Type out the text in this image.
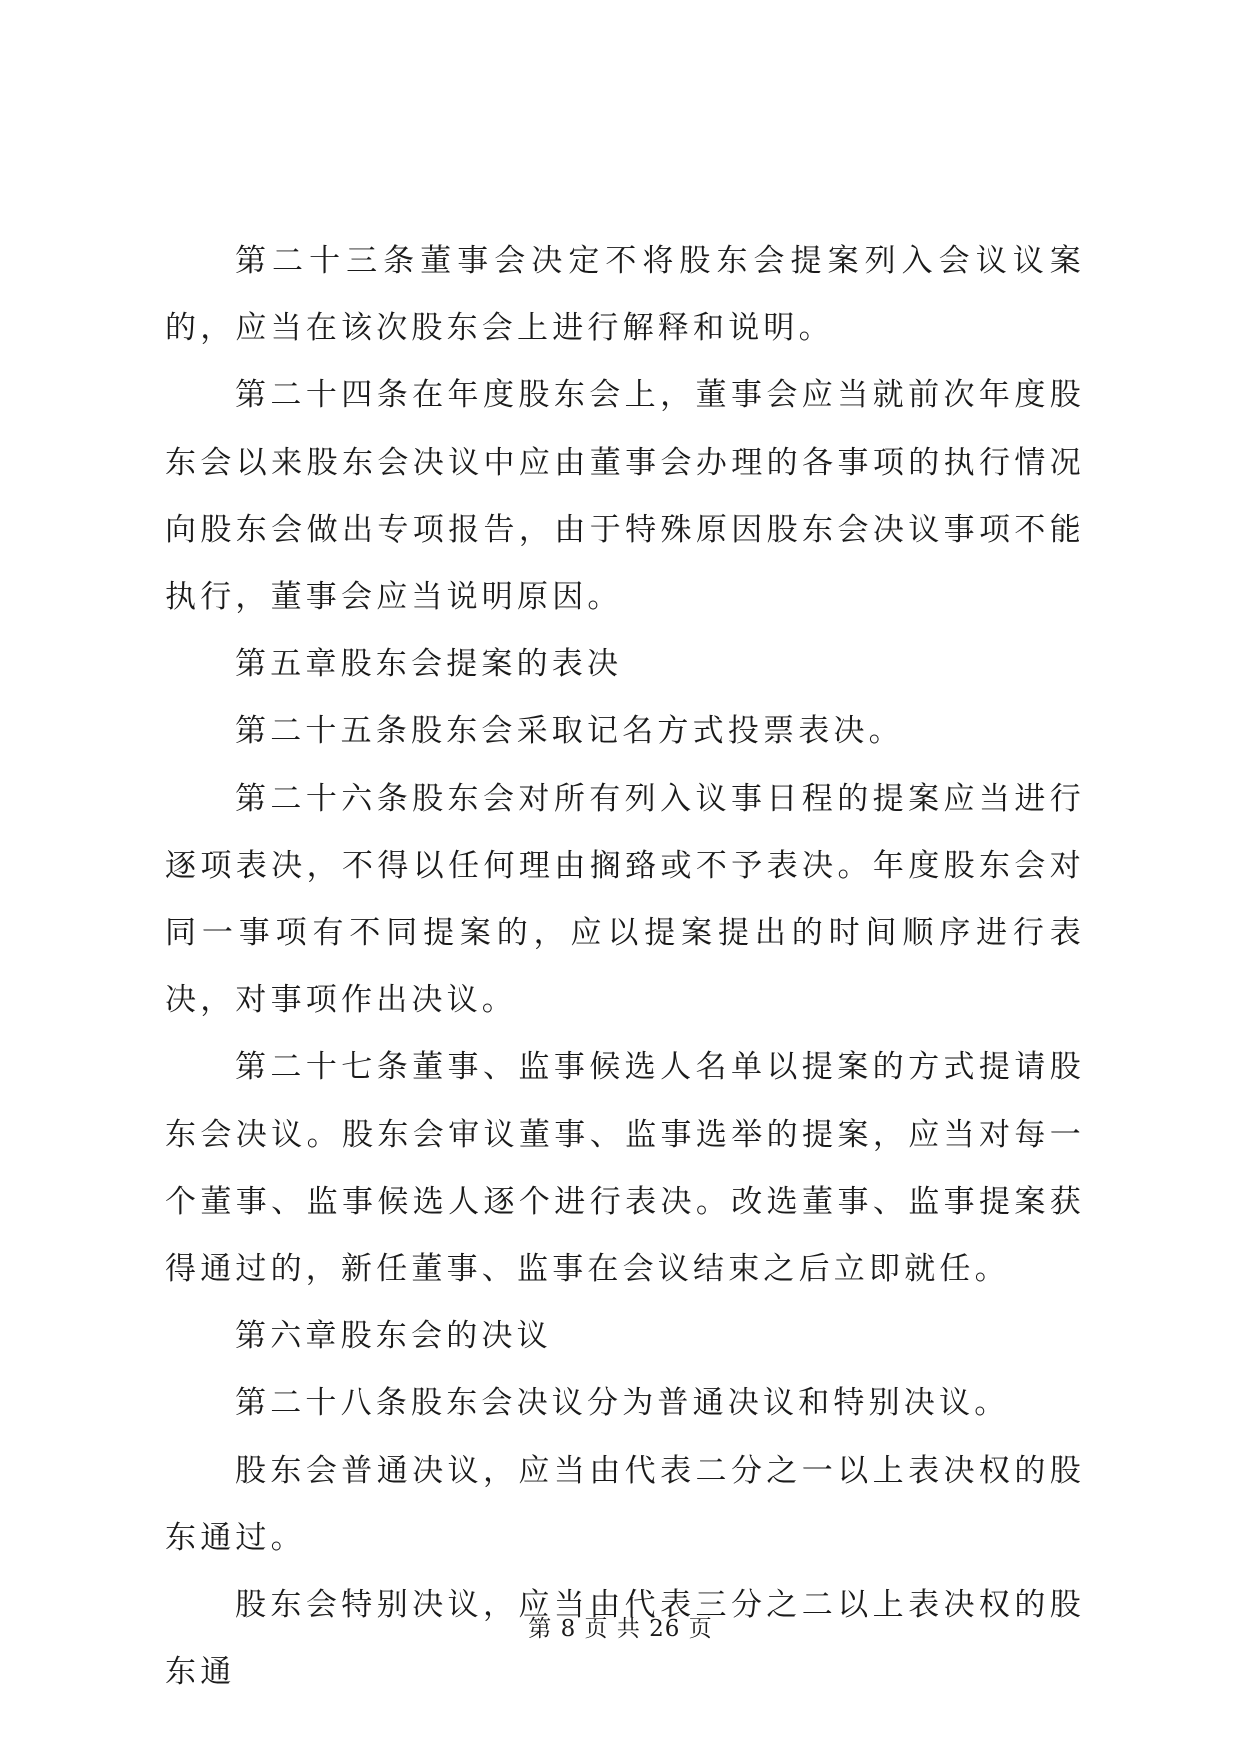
第二十三条董事会决定不将股东会提案列入会议议案的，应当在该次股东会上进行解释和说明。

第二十四条在年度股东会上，董事会应当就前次年度股东会以来股东会决议中应由董事会办理的各事项的执行情况向股东会做出专项报告，由于特殊原因股东会决议事项不能执行，董事会应当说明原因。

第五章股东会提案的表决

第二十五条股东会采取记名方式投票表决。

第二十六条股东会对所有列入议事日程的提案应当进行逐项表决，不得以任何理由搁臵或不予表决。年度股东会对同一事项有不同提案的，应以提案提出的时间顺序进行表决，对事项作出决议。

第二十七条董事、监事候选人名单以提案的方式提请股东会决议。股东会审议董事、监事选举的提案，应当对每一个董事、监事候选人逐个进行表决。改选董事、监事提案获得通过的，新任董事、监事在会议结束之后立即就任。

第六章股东会的决议

第二十八条股东会决议分为普通决议和特别决议。

股东会普通决议，应当由代表二分之一以上表决权的股东通过。

股东会特别决议，应当由代表三分之二以上表决权的股东通

第 8 页 共 26 页
